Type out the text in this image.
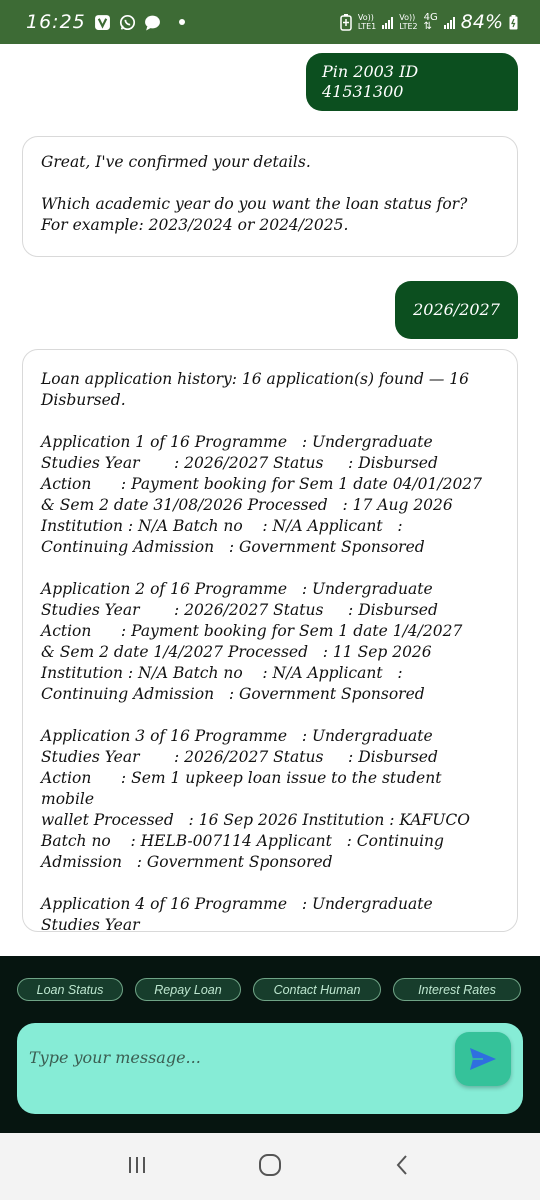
16:25	Vo))
LTE1
Vo))
LTE2
4G
⇅	84%
Pin 2003 ID 41531300

Great, I've confirmed your details.

Which academic year do you want the loan status for?
For example: 2023/2024 or 2024/2025.

2026/2027

Loan application history: 16 application(s) found — 16
Disbursed.

Application 1 of 16 Programme   : Undergraduate
Studies Year       : 2026/2027 Status     : Disbursed
Action      : Payment booking for Sem 1 date 04/01/2027
& Sem 2 date 31/08/2026 Processed   : 17 Aug 2026
Institution : N/A Batch no    : N/A Applicant   :
Continuing Admission   : Government Sponsored

Application 2 of 16 Programme   : Undergraduate
Studies Year       : 2026/2027 Status     : Disbursed
Action      : Payment booking for Sem 1 date 1/4/2027
& Sem 2 date 1/4/2027 Processed   : 11 Sep 2026
Institution : N/A Batch no    : N/A Applicant   :
Continuing Admission   : Government Sponsored

Application 3 of 16 Programme   : Undergraduate
Studies Year       : 2026/2027 Status     : Disbursed
Action      : Sem 1 upkeep loan issue to the student mobile
wallet Processed   : 16 Sep 2026 Institution : KAFUCO
Batch no    : HELB-007114 Applicant   : Continuing
Admission   : Government Sponsored

Application 4 of 16 Programme   : Undergraduate
Studies Year

Loan Status	Repay Loan	Contact Human	Interest Rates
Type your message...
